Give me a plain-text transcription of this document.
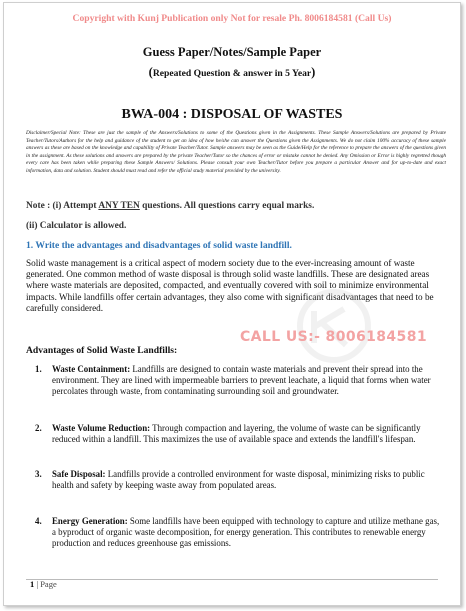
Copyright with Kunj Publication only Not for resale Ph. 8006184581 (Call Us)
Guess Paper/Notes/Sample Paper
(Repeated Question & answer in 5 Year)
BWA-004 : DISPOSAL OF WASTES
Disclaimer/Special Note: These are just the sample of the Answers/Solutions to some of the Questions given in the Assignments. These Sample Answers/Solutions are prepared by Private Teacher/Tutors/Authors for the help and guidance of the student to get an idea of how he/she can answer the Questions given the Assignments. We do not claim 100% accuracy of these sample answers as these are based on the knowledge and capability of Private Teacher/Tutor. Sample answers may be seen as the Guide/Help for the reference to prepare the answers of the questions given in the assignment. As these solutions and answers are prepared by the private Teacher/Tutor so the chances of error or mistake cannot be denied. Any Omission or Error is highly regretted though every care has been taken while preparing these Sample Answers/ Solutions. Please consult your own Teacher/Tutor before you prepare a particular Answer and for up-to-date and exact information, data and solution. Student should must read and refer the official study material provided by the university.
Note : (i) Attempt ANY TEN questions. All questions carry equal marks.
(ii) Calculator is allowed.
1. Write the advantages and disadvantages of solid waste landfill.
Solid waste management is a critical aspect of modern society due to the ever-increasing amount of waste generated. One common method of waste disposal is through solid waste landfills. These are designated areas where waste materials are deposited, compacted, and eventually covered with soil to minimize environmental impacts. While landfills offer certain advantages, they also come with significant disadvantages that need to be carefully considered.
CALL US:- 8006184581
Advantages of Solid Waste Landfills:
1. Waste Containment: Landfills are designed to contain waste materials and prevent their spread into the environment. They are lined with impermeable barriers to prevent leachate, a liquid that forms when water percolates through waste, from contaminating surrounding soil and groundwater.
2. Waste Volume Reduction: Through compaction and layering, the volume of waste can be significantly reduced within a landfill. This maximizes the use of available space and extends the landfill's lifespan.
3. Safe Disposal: Landfills provide a controlled environment for waste disposal, minimizing risks to public health and safety by keeping waste away from populated areas.
4. Energy Generation: Some landfills have been equipped with technology to capture and utilize methane gas, a byproduct of organic waste decomposition, for energy generation. This contributes to renewable energy production and reduces greenhouse gas emissions.
1 | Page
